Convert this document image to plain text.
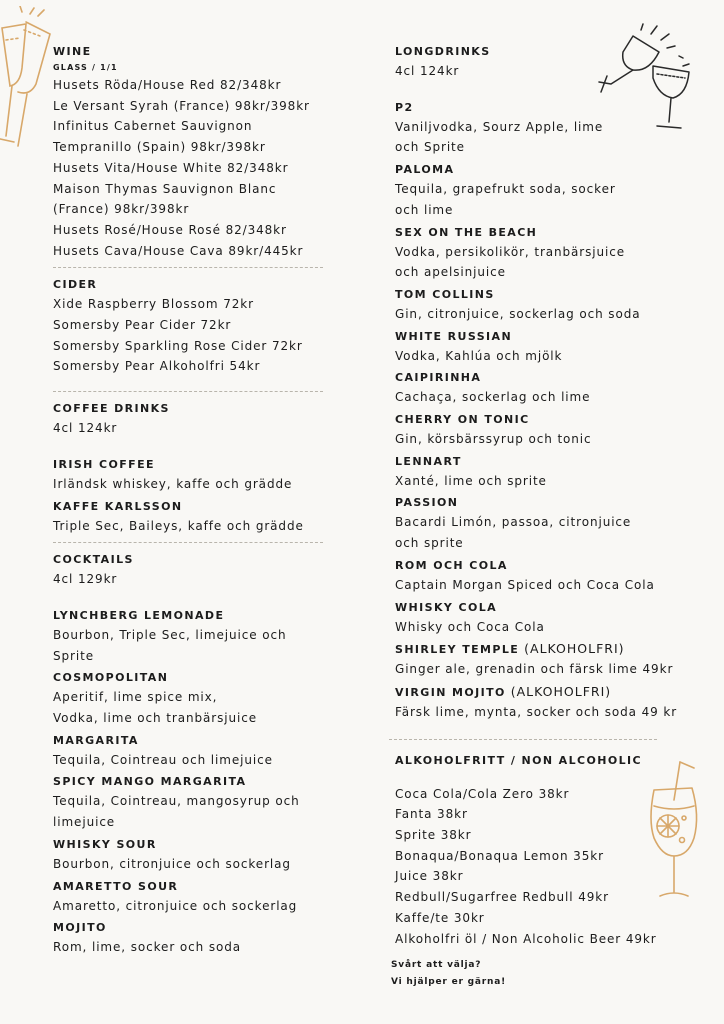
WINE
GLASS / 1/1
Husets Röda/House Red 82/348kr
Le Versant Syrah (France) 98kr/398kr
Infinitus Cabernet Sauvignon
Tempranillo (Spain) 98kr/398kr
Husets Vita/House White 82/348kr
Maison Thymas Sauvignon Blanc
(France) 98kr/398kr
Husets Rosé/House Rosé 82/348kr
Husets Cava/House Cava 89kr/445kr
CIDER
Xide Raspberry Blossom 72kr
Somersby Pear Cider 72kr
Somersby Sparkling Rose Cider 72kr
Somersby Pear Alkoholfri 54kr
COFFEE DRINKS
4cl 124kr
IRISH COFFEE
Irländsk whiskey, kaffe och grädde
KAFFE KARLSSON
Triple Sec, Baileys, kaffe och grädde
COCKTAILS
4cl 129kr
LYNCHBERG LEMONADE
Bourbon, Triple Sec, limejuice och
Sprite
COSMOPOLITAN
Aperitif, lime spice mix,
Vodka, lime och tranbärsjuice
MARGARITA
Tequila, Cointreau och limejuice
SPICY MANGO MARGARITA
Tequila, Cointreau, mangosyrup och
limejuice
WHISKY SOUR
Bourbon, citronjuice och sockerlag
AMARETTO SOUR
Amaretto, citronjuice och sockerlag
MOJITO
Rom, lime, socker och soda
LONGDRINKS
4cl 124kr
P2
Vaniljvodka, Sourz Apple, lime
och Sprite
PALOMA
Tequila, grapefrukt soda, socker
och lime
SEX ON THE BEACH
Vodka, persikolikör, tranbärsjuice
och apelsinjuice
TOM COLLINS
Gin, citronjuice, sockerlag och soda
WHITE RUSSIAN
Vodka, Kahlúa och mjölk
CAIPIRINHA
Cachaça, sockerlag och lime
CHERRY ON TONIC
Gin, körsbärssyrup och tonic
LENNART
Xanté, lime och sprite
PASSION
Bacardi Limón, passoa, citronjuice
och sprite
ROM OCH COLA
Captain Morgan Spiced och Coca Cola
WHISKY COLA
Whisky och Coca Cola
SHIRLEY TEMPLE (ALKOHOLFRI)
Ginger ale, grenadin och färsk lime 49kr
VIRGIN MOJITO (ALKOHOLFRI)
Färsk lime, mynta, socker och soda 49 kr
ALKOHOLFRITT / NON ALCOHOLIC
Coca Cola/Cola Zero 38kr
Fanta 38kr
Sprite 38kr
Bonaqua/Bonaqua Lemon 35kr
Juice 38kr
Redbull/Sugarfree Redbull 49kr
Kaffe/te 30kr
Alkoholfri öl / Non Alcoholic Beer 49kr
Svårt att välja?
Vi hjälper er gärna!
